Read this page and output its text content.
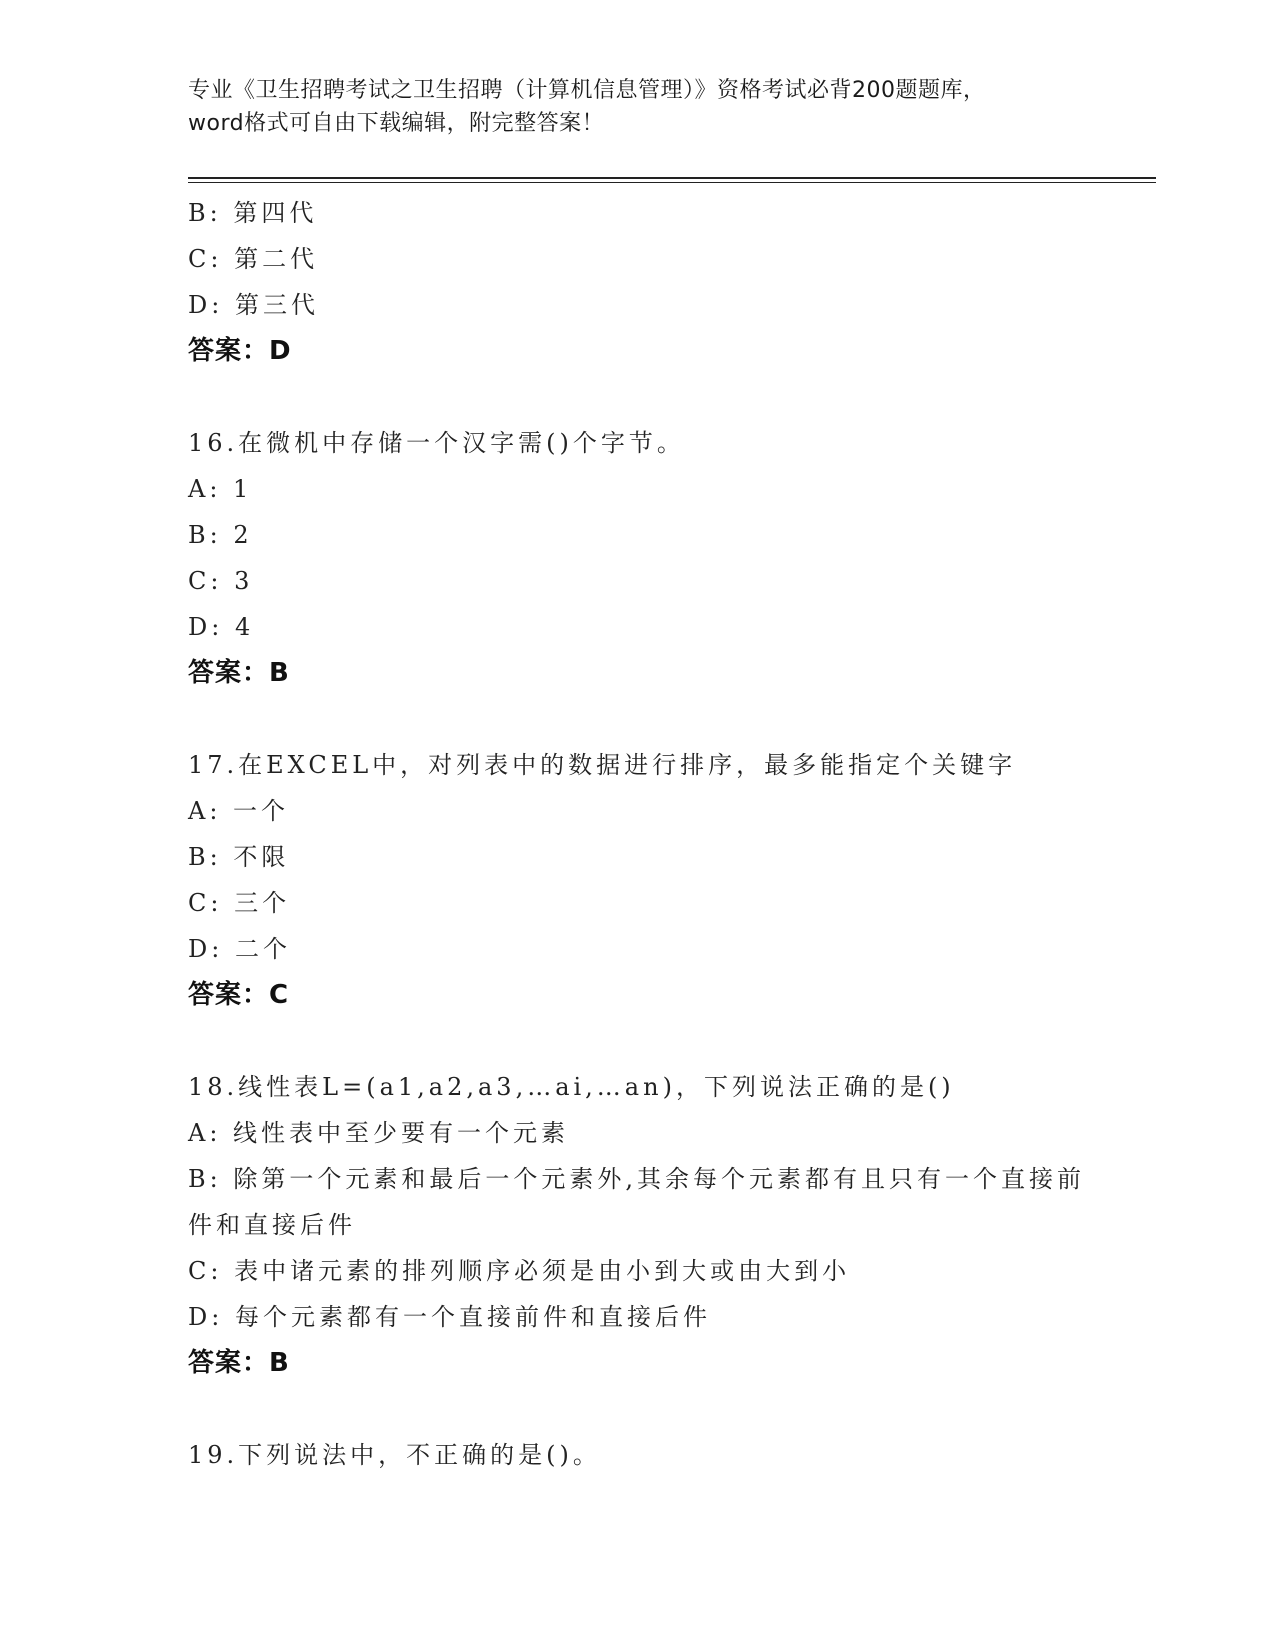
专业《卫生招聘考试之卫生招聘（计算机信息管理）》资格考试必背200题题库，
word格式可自由下载编辑，附完整答案！
B: 第四代
C: 第二代
D: 第三代
答案：D
16.在微机中存储一个汉字需()个字节。
A: 1
B: 2
C: 3
D: 4
答案：B
17.在EXCEL中，对列表中的数据进行排序，最多能指定个关键字
A: 一个
B: 不限
C: 三个
D: 二个
答案：C
18.线性表L=(a1,a2,a3,…ai,…an)，下列说法正确的是()
A: 线性表中至少要有一个元素
B: 除第一个元素和最后一个元素外,其余每个元素都有且只有一个直接前件和直接后件
C: 表中诸元素的排列顺序必须是由小到大或由大到小
D: 每个元素都有一个直接前件和直接后件
答案：B
19.下列说法中，不正确的是()。
